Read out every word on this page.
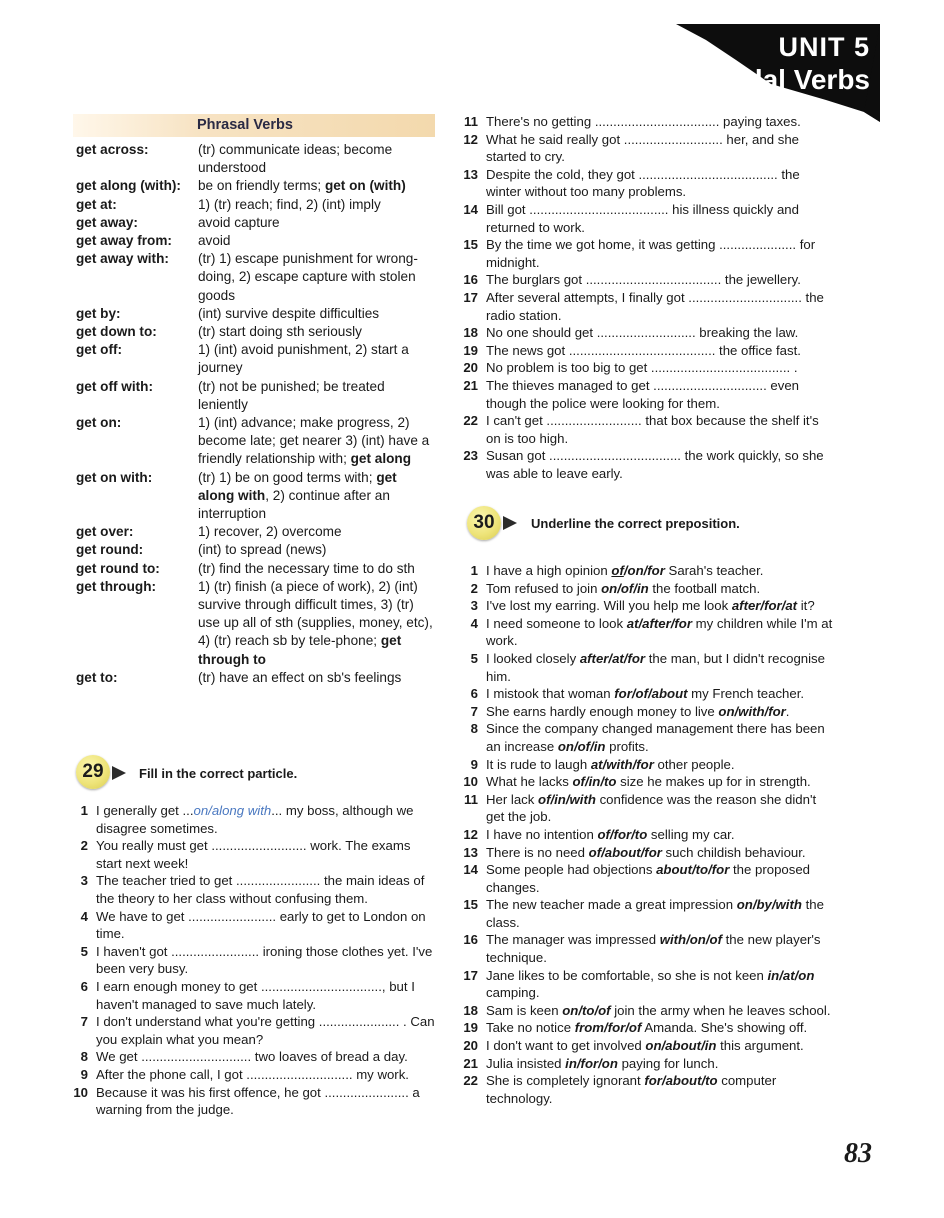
UNIT 5
Modal Verbs
Phrasal Verbs
get across:	(tr) communicate ideas; become understood
get along (with):	be on friendly terms; get on (with)
get at:	1) (tr) reach; find, 2) (int) imply
get away:	avoid capture
get away from:	avoid
get away with:	(tr) 1) escape punishment for wrong-doing, 2) escape capture with stolen goods
get by:	(int) survive despite difficulties
get down to:	(tr) start doing sth seriously
get off:	1) (int) avoid punishment, 2) start a journey
get off with:	(tr) not be punished; be treated leniently
get on:	1) (int) advance; make progress, 2) become late; get nearer 3) (int) have a friendly relationship with; get along
get on with:	(tr) 1) be on good terms with; get along with, 2) continue after an interruption
get over:	1) recover, 2) overcome
get round:	(int) to spread (news)
get round to:	(tr) find the necessary time to do sth
get through:	1) (tr) finish (a piece of work), 2) (int) survive through difficult times, 3) (tr) use up all of sth (supplies, money, etc), 4) (tr) reach sb by tele-phone; get through to
get to:	(tr) have an effect on sb's feelings
29	Fill in the correct particle.
1 I generally get ...on/along with... my boss, although we disagree sometimes.
2 You really must get .......................... work. The exams start next week!
3 The teacher tried to get ....................... the main ideas of the theory to her class without confusing them.
4 We have to get ........................ early to get to London on time.
5 I haven't got ........................ ironing those clothes yet. I've been very busy.
6 I earn enough money to get ................................., but I haven't managed to save much lately.
7 I don't understand what you're getting ...................... . Can you explain what you mean?
8 We get .............................. two loaves of bread a day.
9 After the phone call, I got ............................. my work.
10 Because it was his first offence, he got ....................... a warning from the judge.
11 There's no getting .................................. paying taxes.
12 What he said really got ........................... her, and she started to cry.
13 Despite the cold, they got ...................................... the winter without too many problems.
14 Bill got ...................................... his illness quickly and returned to work.
15 By the time we got home, it was getting ..................... for midnight.
16 The burglars got ..................................... the jewellery.
17 After several attempts, I finally got ............................... the radio station.
18 No one should get ........................... breaking the law.
19 The news got ........................................ the office fast.
20 No problem is too big to get ...................................... .
21 The thieves managed to get ............................... even though the police were looking for them.
22 I can't get .......................... that box because the shelf it's on is too high.
23 Susan got .................................... the work quickly, so she was able to leave early.
30	Underline the correct preposition.
1 I have a high opinion of/on/for Sarah's teacher.
2 Tom refused to join on/of/in the football match.
3 I've lost my earring. Will you help me look after/for/at it?
4 I need someone to look at/after/for my children while I'm at work.
5 I looked closely after/at/for the man, but I didn't recognise him.
6 I mistook that woman for/of/about my French teacher.
7 She earns hardly enough money to live on/with/for.
8 Since the company changed management there has been an increase on/of/in profits.
9 It is rude to laugh at/with/for other people.
10 What he lacks of/in/to size he makes up for in strength.
11 Her lack of/in/with confidence was the reason she didn't get the job.
12 I have no intention of/for/to selling my car.
13 There is no need of/about/for such childish behaviour.
14 Some people had objections about/to/for the proposed changes.
15 The new teacher made a great impression on/by/with the class.
16 The manager was impressed with/on/of the new player's technique.
17 Jane likes to be comfortable, so she is not keen in/at/on camping.
18 Sam is keen on/to/of join the army when he leaves school.
19 Take no notice from/for/of Amanda. She's showing off.
20 I don't want to get involved on/about/in this argument.
21 Julia insisted in/for/on paying for lunch.
22 She is completely ignorant for/about/to computer technology.
83
